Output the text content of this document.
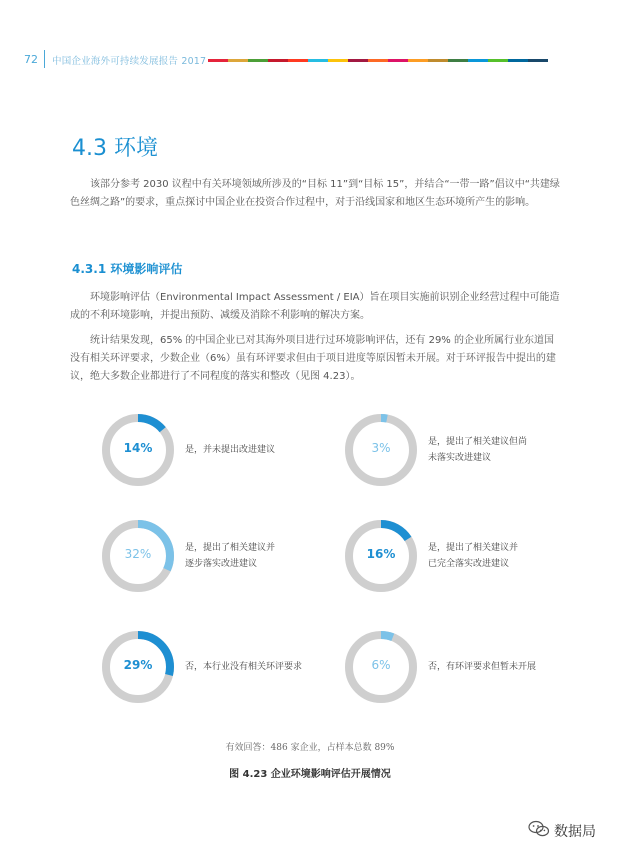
72 中国企业海外可持续发展报告 2017
4.3 环境

该部分参考 2030 议程中有关环境领域所涉及的“目标 11”到“目标 15”，并结合“一带一路”倡议中“共建绿色丝绸之路”的要求，重点探讨中国企业在投资合作过程中，对于沿线国家和地区生态环境所产生的影响。

4.3.1 环境影响评估

环境影响评估（Environmental Impact Assessment / EIA）旨在项目实施前识别企业经营过程中可能造成的不利环境影响，并提出预防、减缓及消除不利影响的解决方案。

统计结果发现，65% 的中国企业已对其海外项目进行过环境影响评估，还有 29% 的企业所属行业东道国没有相关环评要求，少数企业（6%）虽有环评要求但由于项目进度等原因暂未开展。对于环评报告中提出的建议，绝大多数企业都进行了不同程度的落实和整改（见图 4.23）。

14%	是，并未提出改进建议	3%	是，提出了相关建议但尚
未落实改进建议
32%	是，提出了相关建议并
逐步落实改进建议
16%	是，提出了相关建议并
已完全落实改进建议
29%	否，本行业没有相关环评要求	6%	否，有环评要求但暂未开展
有效回答：486 家企业，占样本总数 89%
图 4.23 企业环境影响评估开展情况
数据局
